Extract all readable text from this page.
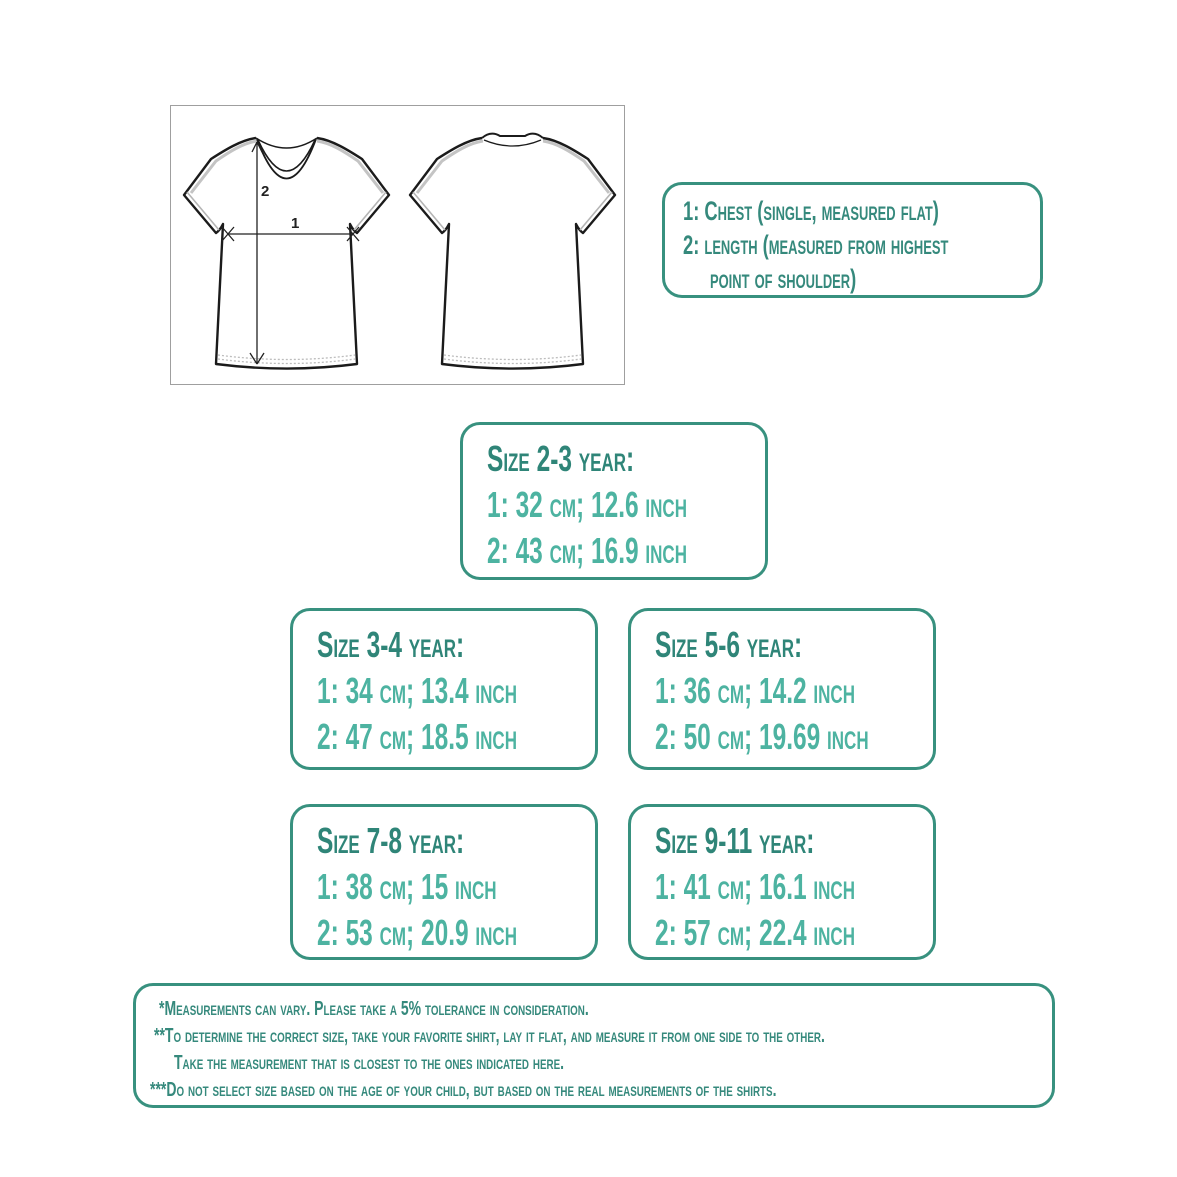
1
2
1: Chest (single, measured flat)
2: length (measured from highest
point of shoulder)
Size 2-3 year:
1: 32 cm; 12.6 inch
2: 43 cm; 16.9 inch
Size 3-4 year:
1: 34 cm; 13.4 inch
2: 47 cm; 18.5 inch
Size 5-6 year:
1: 36 cm; 14.2 inch
2: 50 cm; 19.69 inch
Size 7-8 year:
1: 38 cm; 15 inch
2: 53 cm; 20.9 inch
Size 9-11 year:
1: 41 cm; 16.1 inch
2: 57 cm; 22.4 inch
*Measurements can vary. Please take a 5% tolerance in consideration.
**To determine the correct size, take your favorite shirt, lay it flat, and measure it from one side to the other.
Take the measurement that is closest to the ones indicated here.
***Do not select size based on the age of your child, but based on the real measurements of the shirts.
